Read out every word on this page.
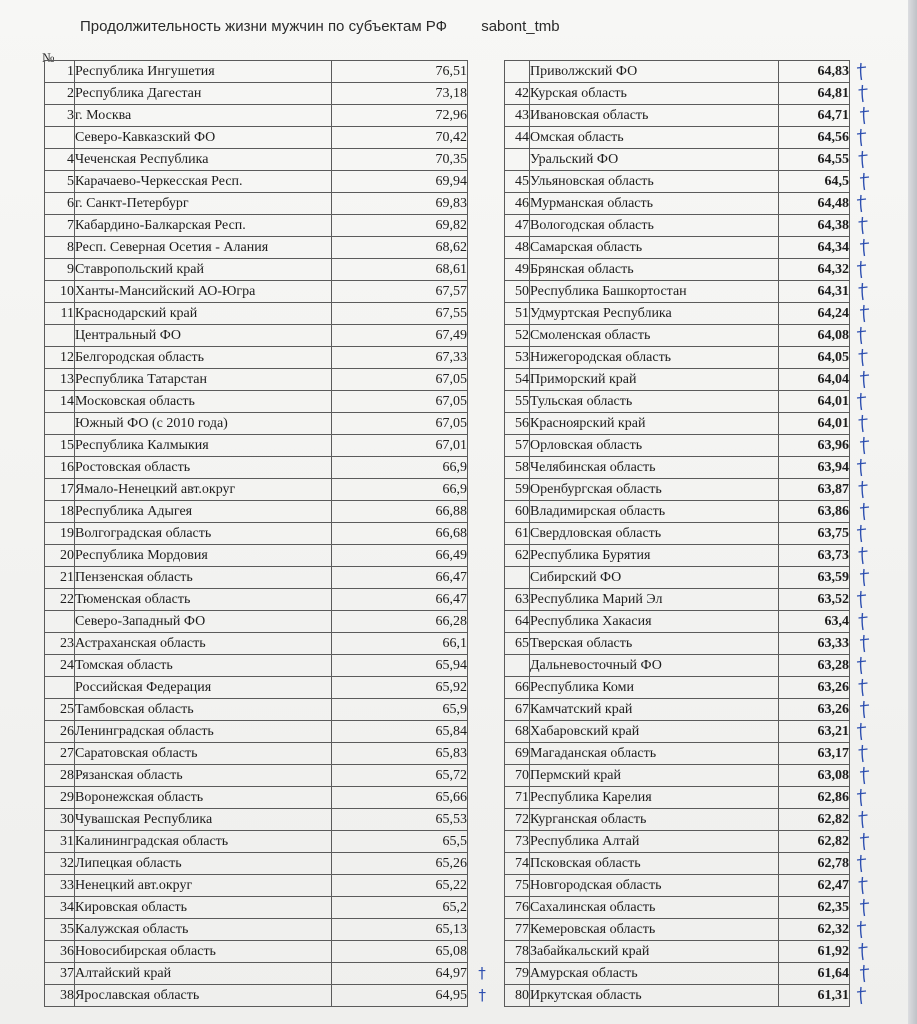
Продолжительность жизни мужчин по субъектам РФ sabont_tmb
№
1	Республика Ингушетия	76,51	
2	Республика Дагестан	73,18	
3	г. Москва	72,96	
	Северо-Кавказский ФО	70,42	
4	Чеченская Республика	70,35	
5	Карачаево-Черкесская Респ.	69,94	
6	г. Санкт-Петербург	69,83	
7	Кабардино-Балкарская Респ.	69,82	
8	Респ. Северная Осетия - Алания	68,62	
9	Ставропольский край	68,61	
10	Ханты-Мансийский АО-Югра	67,57	
11	Краснодарский край	67,55	
	Центральный ФО	67,49	
12	Белгородская область	67,33	
13	Республика Татарстан	67,05	
14	Московская область	67,05	
	Южный ФО (с 2010 года)	67,05	
15	Республика Калмыкия	67,01	
16	Ростовская область	66,9	
17	Ямало-Ненецкий авт.округ	66,9	
18	Республика Адыгея	66,88	
19	Волгоградская область	66,68	
20	Республика Мордовия	66,49	
21	Пензенская область	66,47	
22	Тюменская область	66,47	
	Северо-Западный ФО	66,28	
23	Астраханская область	66,1	
24	Томская область	65,94	
	Российская Федерация	65,92	
25	Тамбовская область	65,9	
26	Ленинградская область	65,84	
27	Саратовская область	65,83	
28	Рязанская область	65,72	
29	Воронежская область	65,66	
30	Чувашская Республика	65,53	
31	Калининградская область	65,5	
32	Липецкая область	65,26	
33	Ненецкий авт.округ	65,22	
34	Кировская область	65,2	
35	Калужская область	65,13	
36	Новосибирская область	65,08	
37	Алтайский край	64,97	†
38	Ярославская область	64,95	†
	Приволжский ФО	64,83
42	Курская область	64,81
43	Ивановская область	64,71
44	Омская область	64,56
	Уральский ФО	64,55
45	Ульяновская область	64,5
46	Мурманская область	64,48
47	Вологодская область	64,38
48	Самарская область	64,34
49	Брянская область	64,32
50	Республика Башкортостан	64,31
51	Удмуртская Республика	64,24
52	Смоленская область	64,08
53	Нижегородская область	64,05
54	Приморский край	64,04
55	Тульская область	64,01
56	Красноярский край	64,01
57	Орловская область	63,96
58	Челябинская область	63,94
59	Оренбургская область	63,87
60	Владимирская область	63,86
61	Свердловская область	63,75
62	Республика Бурятия	63,73
	Сибирский ФО	63,59
63	Республика Марий Эл	63,52
64	Республика Хакасия	63,4
65	Тверская область	63,33
	Дальневосточный ФО	63,28
66	Республика Коми	63,26
67	Камчатский край	63,26
68	Хабаровский край	63,21
69	Магаданская область	63,17
70	Пермский край	63,08
71	Республика Карелия	62,86
72	Курганская область	62,82
73	Республика Алтай	62,82
74	Псковская область	62,78
75	Новгородская область	62,47
76	Сахалинская область	62,35
77	Кемеровская область	62,32
78	Забайкальский край	61,92
79	Амурская область	61,64
80	Иркутская область	61,31
